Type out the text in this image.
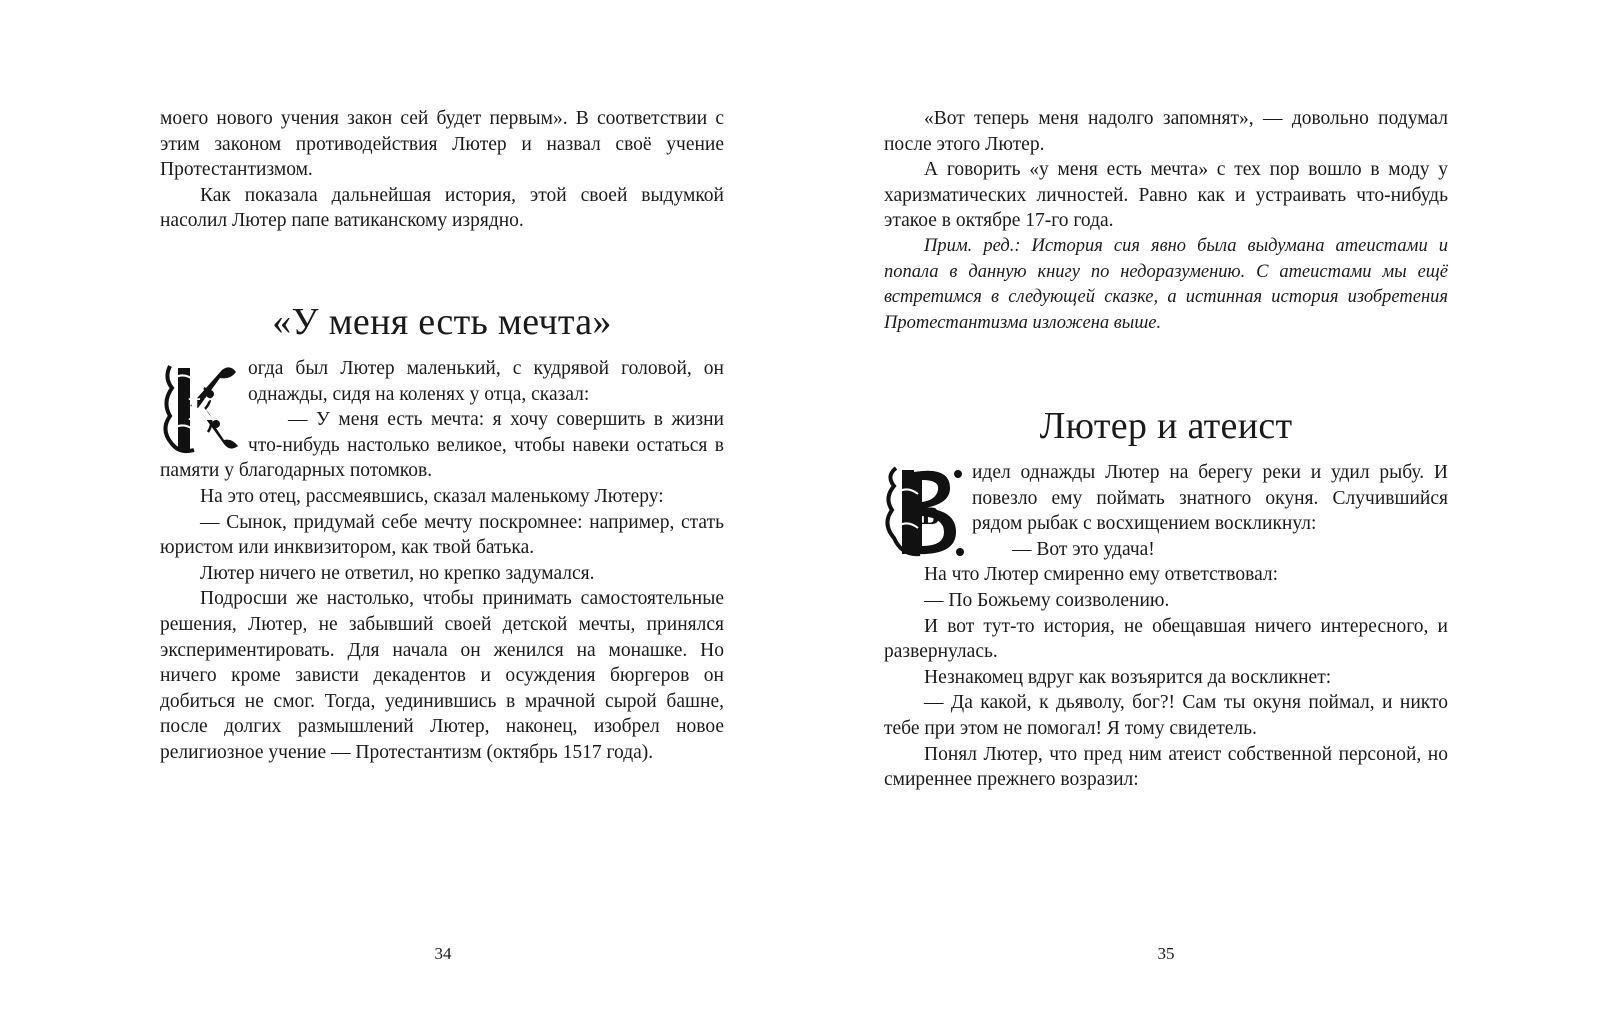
моего нового учения закон сей будет первым». В соответствии с этим законом противодействия Лютер и назвал своё учение Протестантизмом.

Как показала дальнейшая история, этой своей выдумкой насолил Лютер папе ватиканскому изрядно.

«У меня есть мечта»
К

огда был Лютер маленький, с кудрявой головой, он однажды, сидя на коленях у отца, сказал:

— У меня есть мечта: я хочу совершить в жизни что-нибудь настолько великое, чтобы навеки остаться в памяти у благодарных потомков.

На это отец, рассмеявшись, сказал маленькому Лютеру:

— Сынок, придумай себе мечту поскромнее: например, стать юристом или инквизитором, как твой батька.

Лютер ничего не ответил, но крепко задумался.

Подросши же настолько, чтобы принимать самостоятельные решения, Лютер, не забывший своей детской мечты, принялся экспериментировать. Для начала он женился на монашке. Но ничего кроме зависти декадентов и осуждения бюргеров он добиться не смог. Тогда, уединившись в мрачной сырой башне, после долгих размышлений Лютер, наконец, изобрел новое религиозное учение — Протестантизм (октябрь 1517 года).

34

«Вот теперь меня надолго запомнят», — довольно подумал после этого Лютер.

А говорить «у меня есть мечта» с тех пор вошло в моду у харизматических личностей. Равно как и устраивать что-нибудь этакое в октябре 17-го года.

Прим. ред.: История сия явно была выдумана атеистами и попала в данную книгу по недоразумению. С атеистами мы ещё встретимся в следующей сказке, а истинная история изобретения Протестантизма изложена выше.

Лютер и атеист
В

идел однажды Лютер на берегу реки и удил рыбу. И повезло ему поймать знатного окуня. Случившийся рядом рыбак с восхищением воскликнул:

— Вот это удача!

На что Лютер смиренно ему ответствовал:

— По Божьему соизволению.

И вот тут-то история, не обещавшая ничего интересного, и развернулась.

Незнакомец вдруг как возъярится да воскликнет:

— Да какой, к дьяволу, бог?! Сам ты окуня поймал, и никто тебе при этом не помогал! Я тому свидетель.

Понял Лютер, что пред ним атеист собственной персоной, но смиреннее прежнего возразил:

35
